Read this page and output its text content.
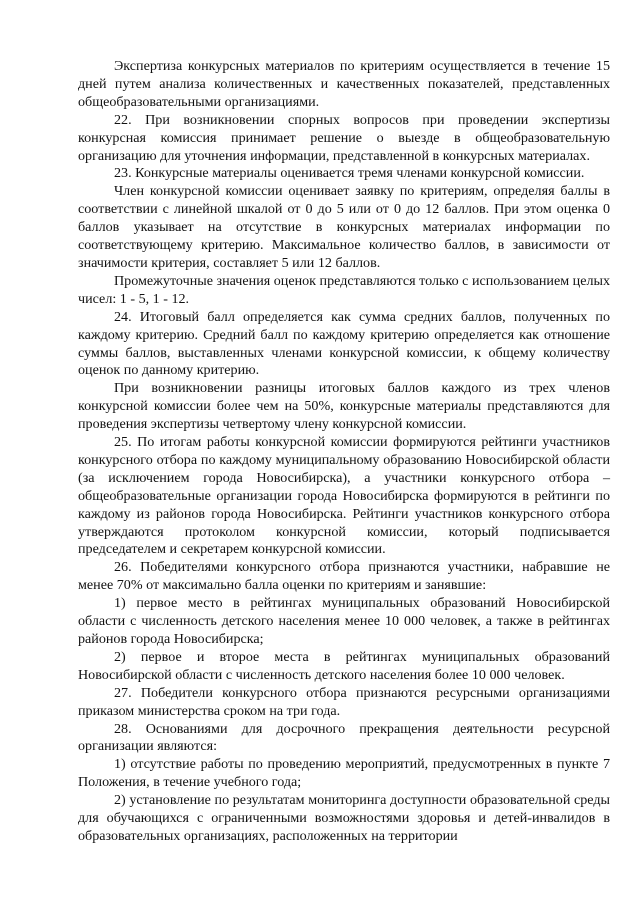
Экспертиза конкурсных материалов по критериям осуществляется в течение 15 дней путем анализа количественных и качественных показателей, представленных общеобразовательными организациями.

22. При возникновении спорных вопросов при проведении экспертизы конкурсная комиссия принимает решение о выезде в общеобразовательную организацию для уточнения информации, представленной в конкурсных материалах.

23. Конкурсные материалы оценивается тремя членами конкурсной комиссии.

Член конкурсной комиссии оценивает заявку по критериям, определяя баллы в соответствии с линейной шкалой от 0 до 5 или от 0 до 12 баллов. При этом оценка 0 баллов указывает на отсутствие в конкурсных материалах информации по соответствующему критерию. Максимальное количество баллов, в зависимости от значимости критерия, составляет 5 или 12 баллов.

Промежуточные значения оценок представляются только с использованием целых чисел: 1 - 5, 1 - 12.

24. Итоговый балл определяется как сумма средних баллов, полученных по каждому критерию. Средний балл по каждому критерию определяется как отношение суммы баллов, выставленных членами конкурсной комиссии, к общему количеству оценок по данному критерию.

При возникновении разницы итоговых баллов каждого из трех членов конкурсной комиссии более чем на 50%, конкурсные материалы представляются для проведения экспертизы четвертому члену конкурсной комиссии.

25. По итогам работы конкурсной комиссии формируются рейтинги участников конкурсного отбора по каждому муниципальному образованию Новосибирской области (за исключением города Новосибирска), а участники конкурсного отбора – общеобразовательные организации города Новосибирска формируются в рейтинги по каждому из районов города Новосибирска. Рейтинги участников конкурсного отбора утверждаются протоколом конкурсной комиссии, который подписывается председателем и секретарем конкурсной комиссии.

26. Победителями конкурсного отбора признаются участники, набравшие не менее 70% от максимально балла оценки по критериям и занявшие:

1) первое место в рейтингах муниципальных образований Новосибирской области с численность детского населения менее 10 000 человек, а также в рейтингах районов города Новосибирска;

2) первое и второе места в рейтингах муниципальных образований Новосибирской области с численность детского населения более 10 000 человек.

27. Победители конкурсного отбора признаются ресурсными организациями приказом министерства сроком на три года.

28. Основаниями для досрочного прекращения деятельности ресурсной организации являются:

1) отсутствие работы по проведению мероприятий, предусмотренных в пункте 7 Положения, в течение учебного года;

2) установление по результатам мониторинга доступности образовательной среды для обучающихся с ограниченными возможностями здоровья и детей-инвалидов в образовательных организациях, расположенных на территории
